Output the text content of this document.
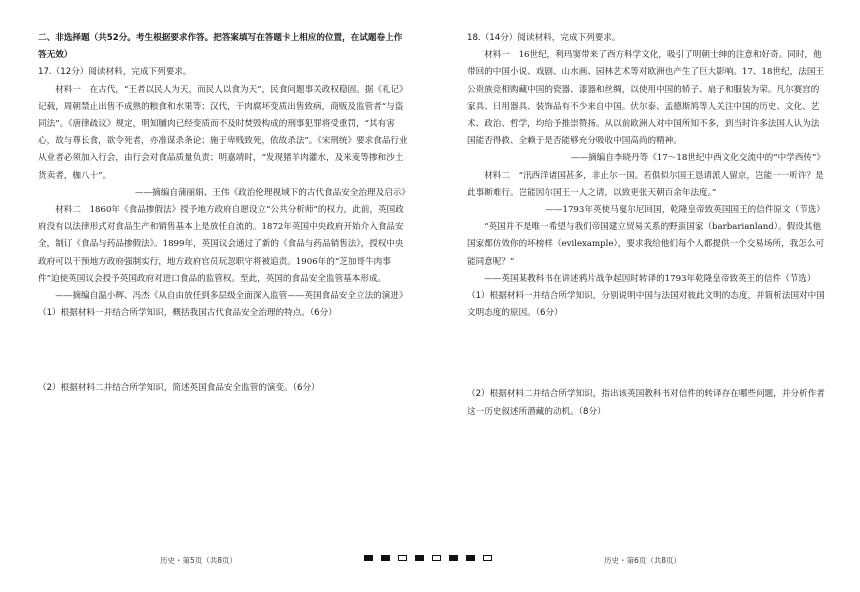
二、非选择题（共52分。考生根据要求作答。把答案填写在答题卡上相应的位置，在试题卷上作答无效）

17.（12分）阅读材料，完成下列要求。

材料一　在古代，“王者以民人为天，而民人以食为天”，民食问题事关政权稳固。据《礼记》记载，周朝禁止出售不成熟的粮食和水果等；汉代，干肉腐坏变质出售致病，商贩及监管者“与盗同法”。《唐律疏议》规定，明知脯肉已经变质而不及时焚毁构成的刑事犯罪将受重罚，“其有害心，故与尊长食，欲令死者，亦准谋杀条论；施于卑贱致死，依故杀法”。《宋刑统》要求食品行业从业者必须加入行会，由行会对食品质量负责；明嘉靖时，“发现猪羊肉灌水，及米麦等掺和沙土货卖者，枷八十”。

——摘编自蒲丽娟、王伟《政治伦理视域下的古代食品安全治理及启示》

材料二　1860年《食品掺假法》授予地方政府自愿设立“公共分析师”的权力，此前，英国政府没有以法律形式对食品生产和销售基本上是放任自流的。1872年英国中央政府开始介入食品安全，制订《食品与药品掺假法》。1899年，英国议会通过了新的《食品与药品销售法》，授权中央政府可以干预地方政府强制实行，地方政府官员玩忽职守将被追责。1906年的“芝加哥牛肉事件”迫使英国议会授予英国政府对进口食品的监管权。至此，英国的食品安全监管基本形成。

——摘编自温小辉、冯杰《从自由放任到多层级全面深入监管——英国食品安全立法的演进》

（1）根据材料一并结合所学知识，概括我国古代食品安全治理的特点。（6分）

（2）根据材料二并结合所学知识，简述英国食品安全监管的演变。（6分）

18.（14分）阅读材料，完成下列要求。

材料一　16世纪，利玛窦带来了西方科学文化，吸引了明朝士绅的注意和好奇。同时，他带回的中国小说、戏剧、山水画、园林艺术等对欧洲也产生了巨大影响。17、18世纪，法国王公贵族竞相购藏中国的瓷器、漆器和丝绸，以使用中国的轿子、扇子和服装为荣。凡尔赛宫的家具、日用器具、装饰品有不少来自中国。伏尔泰、孟德斯鸠等人关注中国的历史、文化、艺术、政治、哲学，均给予推崇赞扬。从以前欧洲人对中国所知不多，到当时许多法国人认为法国能否得救、全赖于是否能够充分吸收中国高尚的精神。

——摘编自李晓丹等《17～18世纪中西文化交流中的“中学西传”》

材料二　“汛西洋诸国甚多，非止尔一国。若俱似尔国王恳请派人留京，岂能一一听许？是此事断难行。岂能因尔国王一人之请，以致更张天朝百余年法度。”

——1793年英使马戛尔尼回国，乾隆皇帝致英国国王的信件原文（节选）

“英国并不是唯一希望与我们帝国建立贸易关系的野蛮国家（barbarianland）。假设其他国家都仿效你的坏榜样（evilexample），要求我给他们每个人都提供一个交易场所，我怎么可能同意呢？”

——英国某教科书在讲述鸦片战争起因时转译的1793年乾隆皇帝致英王的信件（节选）

（1）根据材料一并结合所学知识，分别说明中国与法国对彼此文明的态度，并简析法国对中国文明态度的原因。（6分）

（2）根据材料二并结合所学知识，指出该英国教科书对信件的转译存在哪些问题，并分析作者这一历史叙述所潜藏的动机。（8分）

历史・第5页（共8页）	历史・第6页（共8页）
